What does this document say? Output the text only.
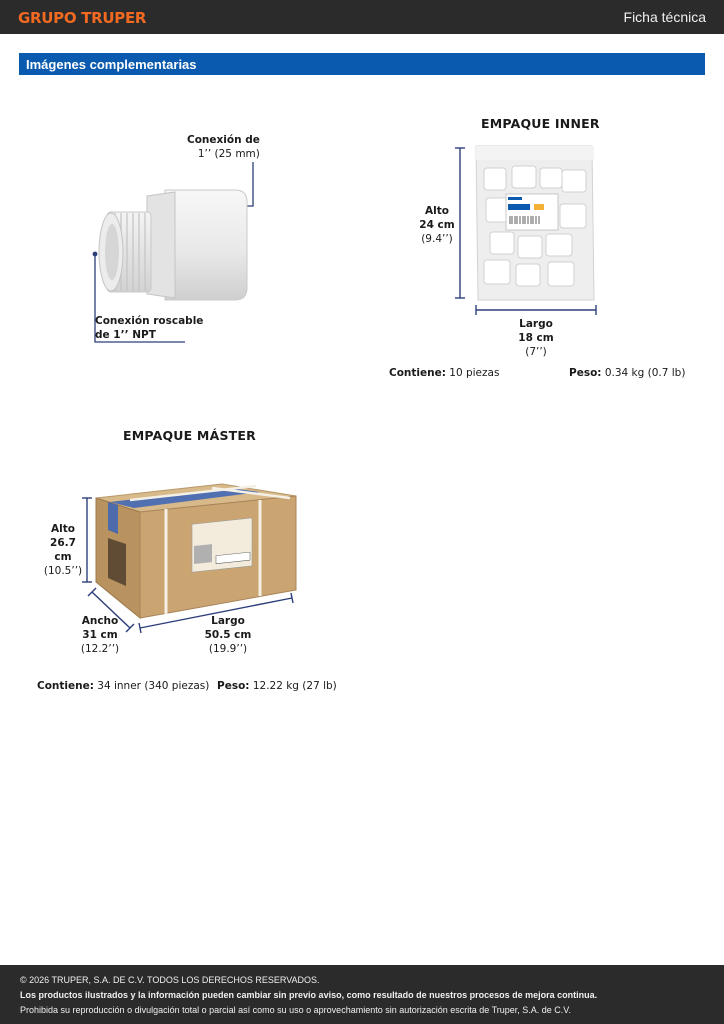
GRUPO TRUPER	Ficha técnica
Imágenes complementarias
Conexión de
1’’ (25 mm)
Conexión roscable
de 1’’ NPT
EMPAQUE INNER
Alto
24 cm
(9.4’’)
Largo
18 cm
(7’’)
Contiene: 10 piezas	Peso: 0.34 kg (0.7 lb)
EMPAQUE MÁSTER
Alto
26.7 cm
(10.5’’)
Ancho
31 cm
(12.2’’)
Largo
50.5 cm
(19.9’’)
Contiene: 34 inner (340 piezas) Peso: 12.22 kg (27 lb)
© 2026 TRUPER, S.A. DE C.V. TODOS LOS DERECHOS RESERVADOS.
Los productos ilustrados y la información pueden cambiar sin previo aviso, como resultado de nuestros procesos de mejora continua.
Prohibida su reproducción o divulgación total o parcial así como su uso o aprovechamiento sin autorización escrita de Truper, S.A. de C.V.
